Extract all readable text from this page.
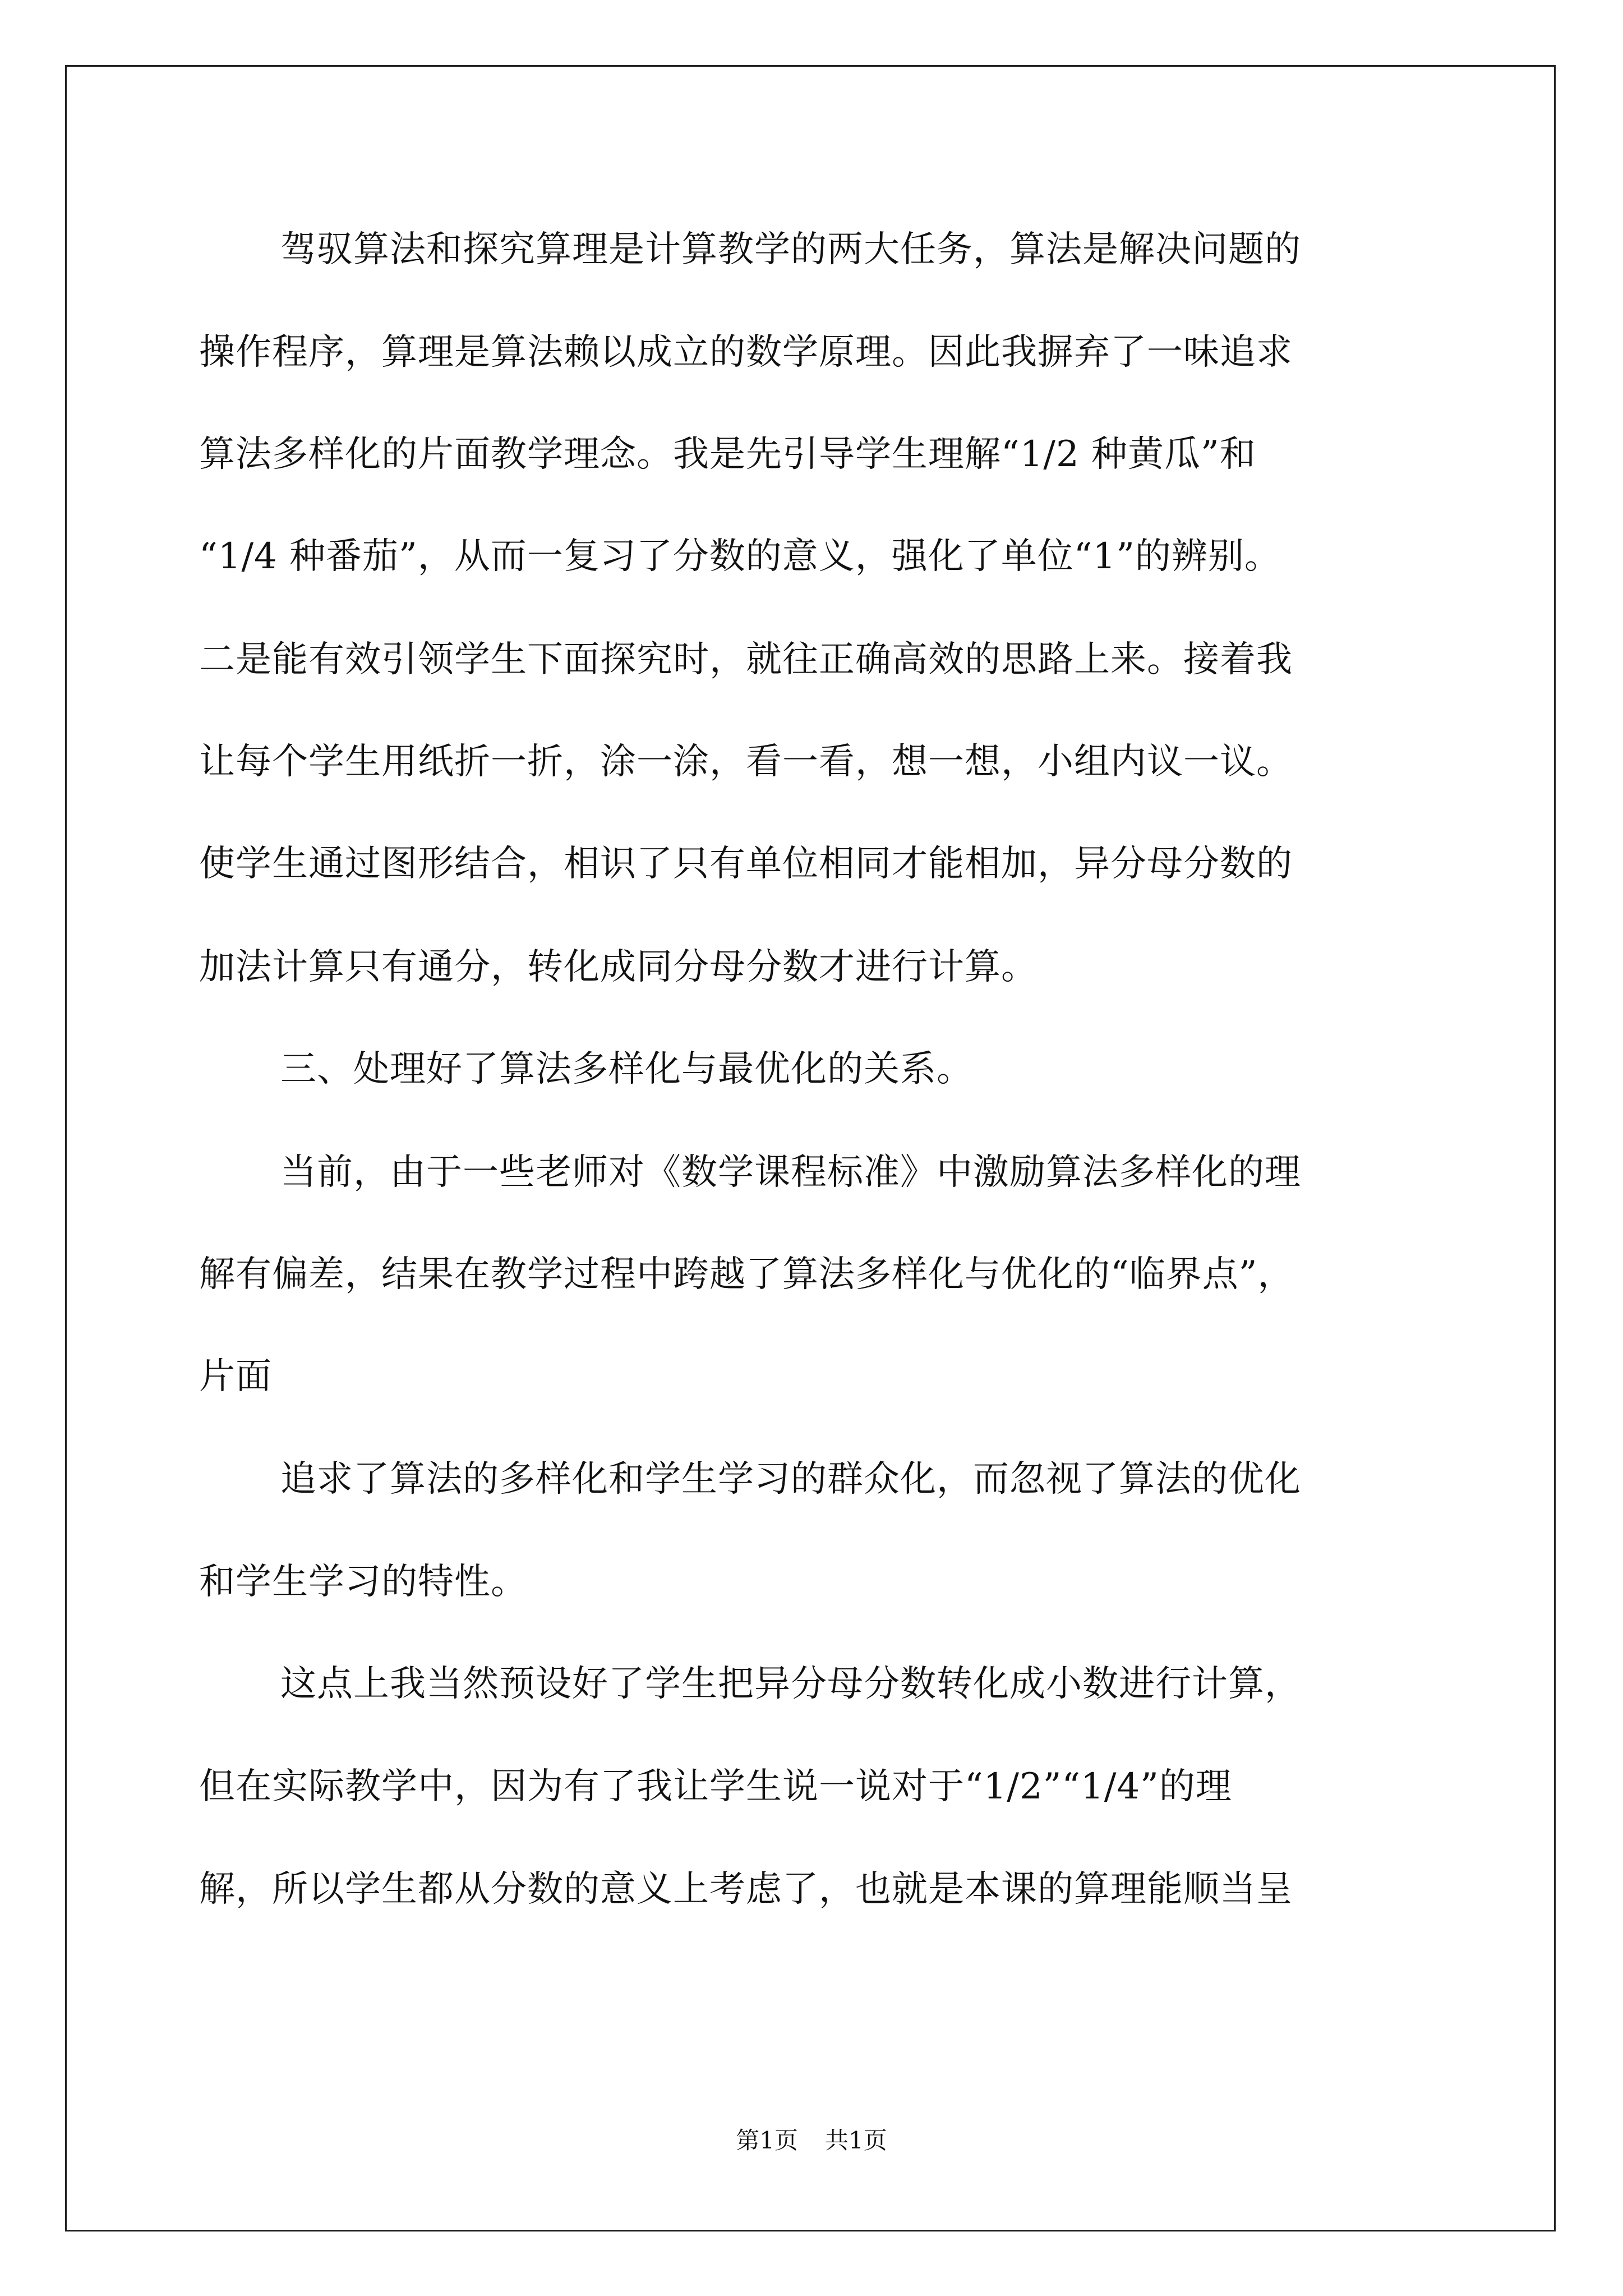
驾驭算法和探究算理是计算教学的两大任务，算法是解决问题的
操作程序，算理是算法赖以成立的数学原理。因此我摒弃了一味追求
算法多样化的片面教学理念。我是先引导学生理解“1/2 种黄瓜”和
“1/4 种番茄”，从而一复习了分数的意义，强化了单位“1”的辨别。
二是能有效引领学生下面探究时，就往正确高效的思路上来。接着我
让每个学生用纸折一折，涂一涂，看一看，想一想，小组内议一议。
使学生通过图形结合，相识了只有单位相同才能相加，异分母分数的
加法计算只有通分，转化成同分母分数才进行计算。
三、处理好了算法多样化与最优化的关系。
当前，由于一些老师对《数学课程标准》中激励算法多样化的理
解有偏差，结果在教学过程中跨越了算法多样化与优化的“临界点”，
片面
追求了算法的多样化和学生学习的群众化，而忽视了算法的优化
和学生学习的特性。
这点上我当然预设好了学生把异分母分数转化成小数进行计算，
但在实际教学中，因为有了我让学生说一说对于“1/2”“1/4”的理
解，所以学生都从分数的意义上考虑了，也就是本课的算理能顺当呈
第1页 共1页
